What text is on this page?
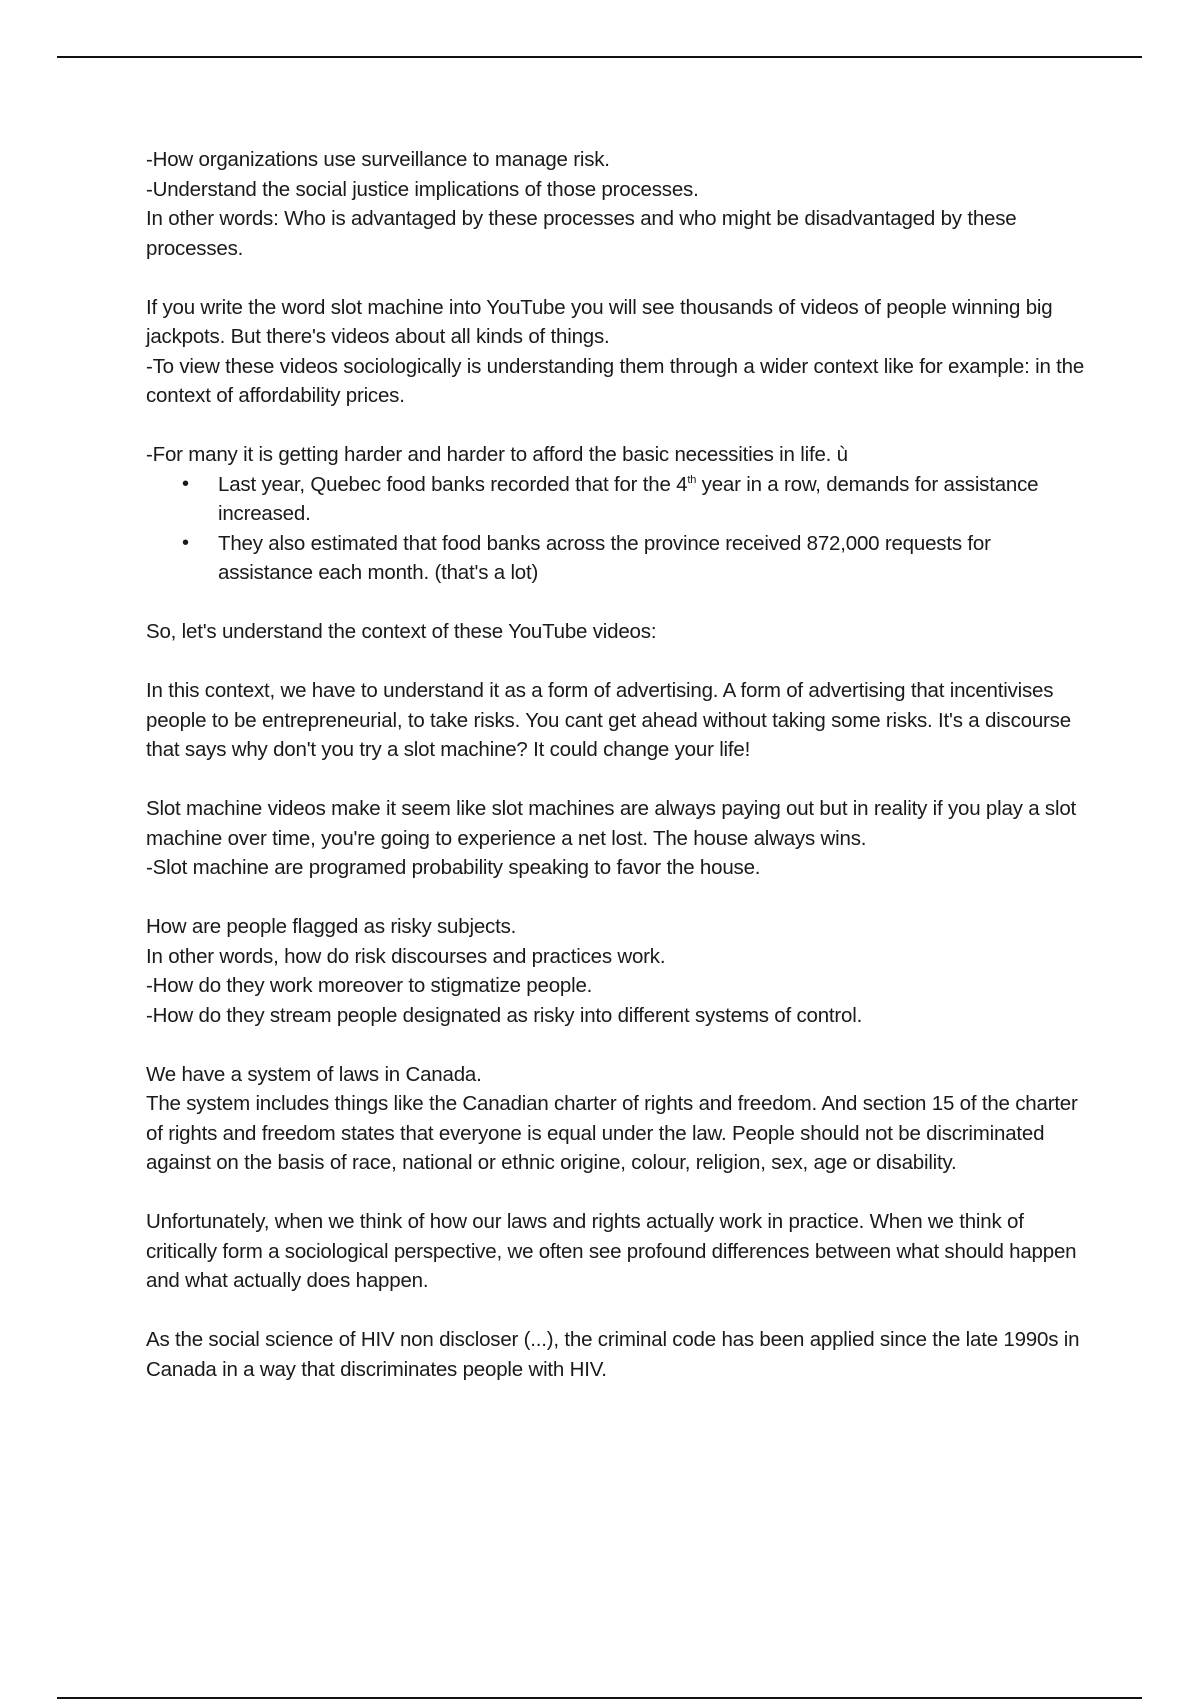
-How organizations use surveillance to manage risk.
-Understand the social justice implications of those processes.
In other words: Who is advantaged by these processes and who might be disadvantaged by these processes.

If you write the word slot machine into YouTube you will see thousands of videos of people winning big jackpots. But there's videos about all kinds of things.
-To view these videos sociologically is understanding them through a wider context like for example: in the context of affordability prices.

-For many it is getting harder and harder to afford the basic necessities in life. ù

• Last year, Quebec food banks recorded that for the 4th year in a row, demands for assistance increased.
• They also estimated that food banks across the province received 872,000 requests for assistance each month. (that's a lot)

So, let's understand the context of these YouTube videos:

In this context, we have to understand it as a form of advertising. A form of advertising that incentivises people to be entrepreneurial, to take risks. You cant get ahead without taking some risks. It's a discourse that says why don't you try a slot machine? It could change your life!

Slot machine videos make it seem like slot machines are always paying out but in reality if you play a slot machine over time, you're going to experience a net lost. The house always wins.
-Slot machine are programed probability speaking to favor the house.

How are people flagged as risky subjects.
In other words, how do risk discourses and practices work.
-How do they work moreover to stigmatize people.
-How do they stream people designated as risky into different systems of control.

We have a system of laws in Canada.
The system includes things like the Canadian charter of rights and freedom. And section 15 of the charter of rights and freedom states that everyone is equal under the law. People should not be discriminated against on the basis of race, national or ethnic origine, colour, religion, sex, age or disability.

Unfortunately, when we think of how our laws and rights actually work in practice. When we think of critically form a sociological perspective, we often see profound differences between what should happen and what actually does happen.

As the social science of HIV non discloser (...), the criminal code has been applied since the late 1990s in Canada in a way that discriminates people with HIV.
